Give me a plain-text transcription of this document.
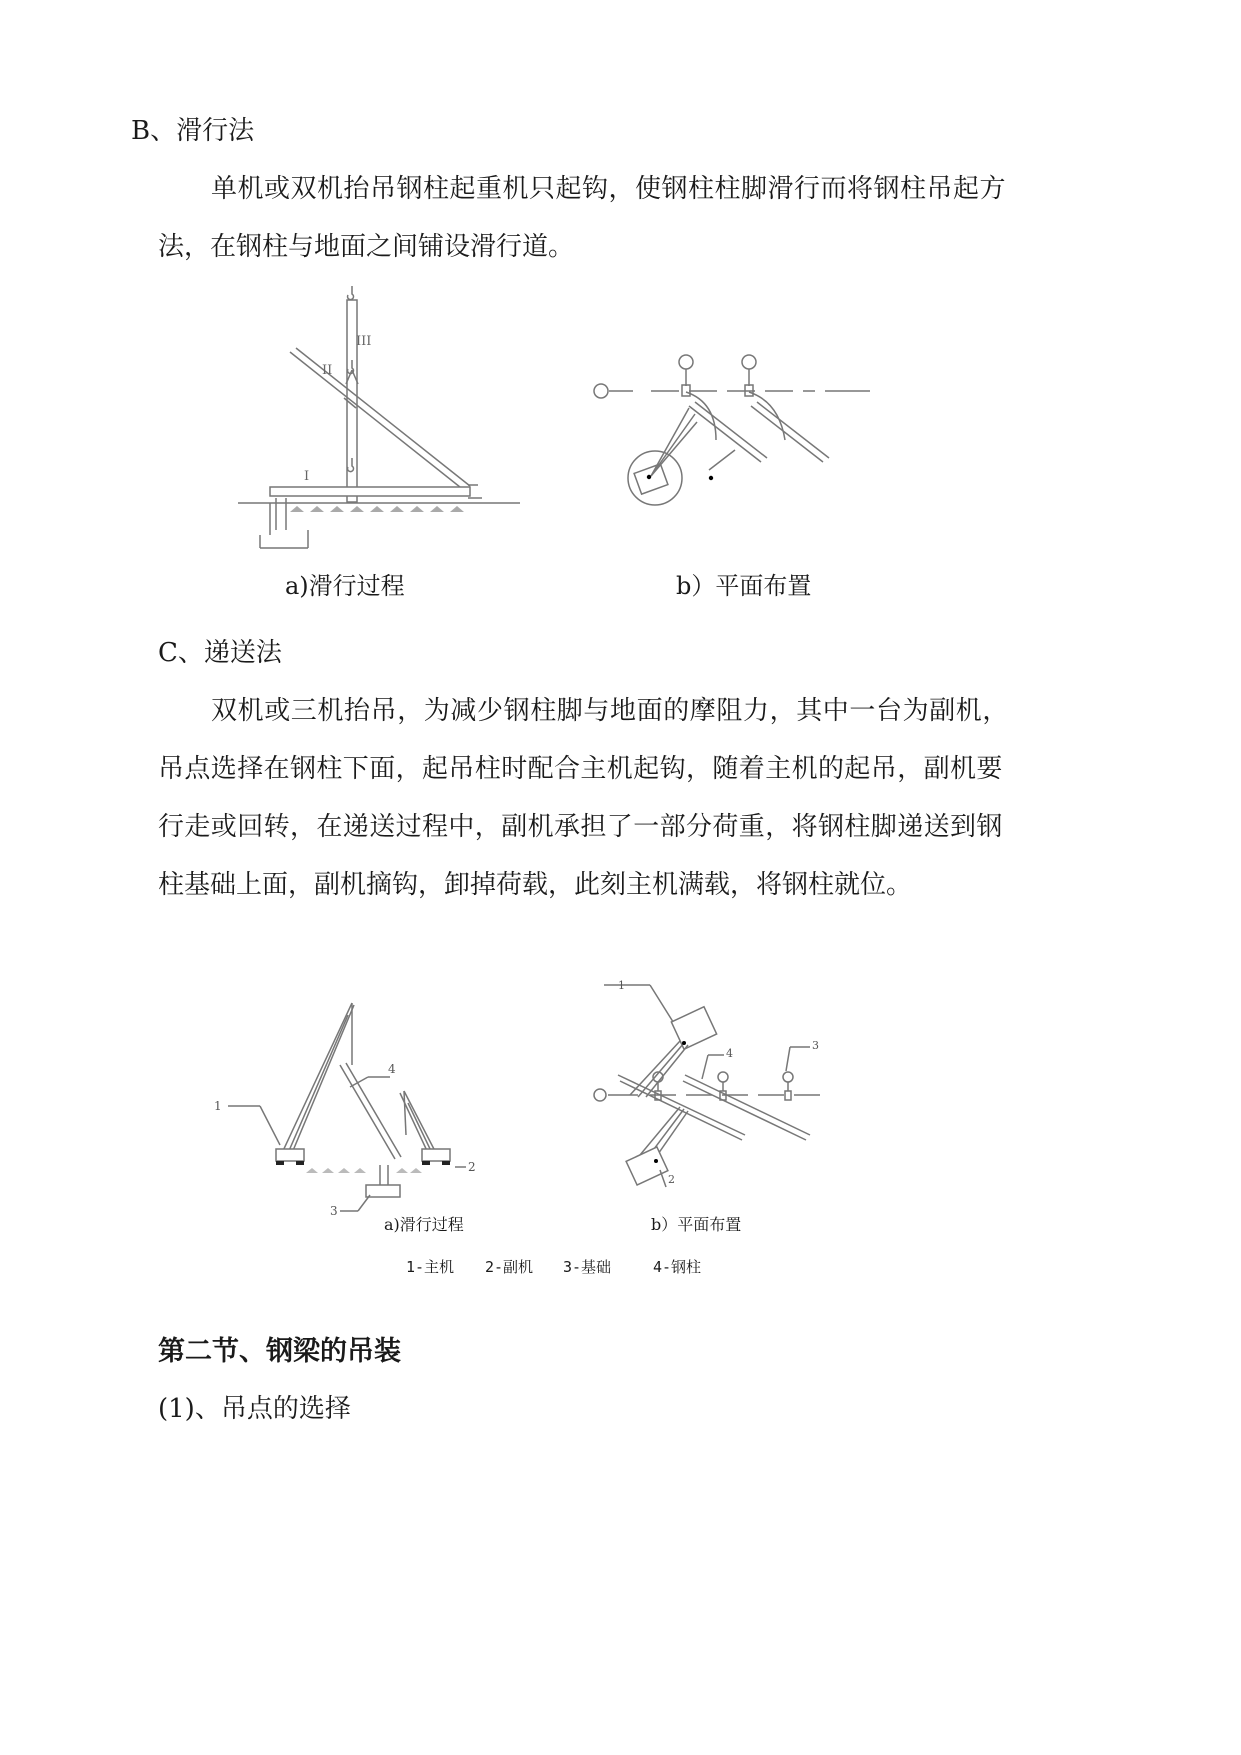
B、滑行法
单机或双机抬吊钢柱起重机只起钩，使钢柱柱脚滑行而将钢柱吊起方
法，在钢柱与地面之间铺设滑行道。
I
II
III
a)滑行过程	b）平面布置
C、递送法
双机或三机抬吊，为减少钢柱脚与地面的摩阻力，其中一台为副机，
吊点选择在钢柱下面，起吊柱时配合主机起钩，随着主机的起吊，副机要
行走或回转，在递送过程中，副机承担了一部分荷重，将钢柱脚递送到钢
柱基础上面，副机摘钩，卸掉荷载，此刻主机满载，将钢柱就位。
1
2
3
4
a)滑行过程
1
2
3
4
b）平面布置
1-主机 2-副机 3-基础	4-钢柱
第二节、钢梁的吊装
(1)、吊点的选择
